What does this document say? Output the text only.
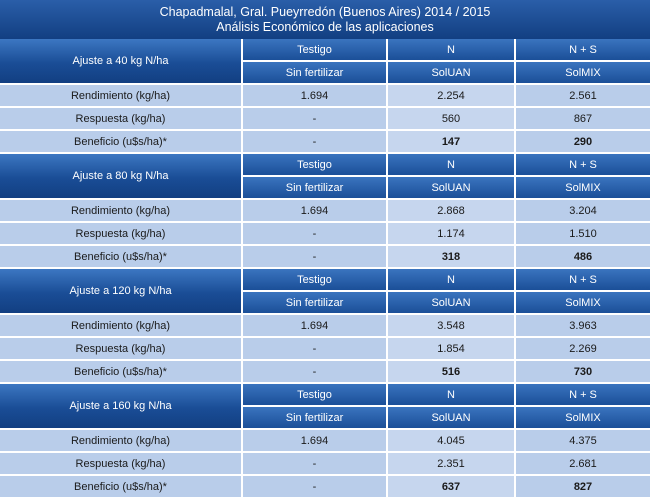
Chapadmalal, Gral. Pueyrredón (Buenos Aires) 2014 / 2015
Análisis Económico de las aplicaciones
Ajuste a 40 kg N/ha	Testigo	N	N + S
	Sin fertilizar	SolUAN	SolMIX
Rendimiento (kg/ha)	1.694	2.254	2.561
Respuesta (kg/ha)	-	560	867
Beneficio (u$s/ha)*	-	147	290
Ajuste a 80 kg N/ha	Testigo	N	N + S
	Sin fertilizar	SolUAN	SolMIX
Rendimiento (kg/ha)	1.694	2.868	3.204
Respuesta (kg/ha)	-	1.174	1.510
Beneficio (u$s/ha)*	-	318	486
Ajuste a 120 kg N/ha	Testigo	N	N + S
	Sin fertilizar	SolUAN	SolMIX
Rendimiento (kg/ha)	1.694	3.548	3.963
Respuesta (kg/ha)	-	1.854	2.269
Beneficio (u$s/ha)*	-	516	730
Ajuste a 160 kg N/ha	Testigo	N	N + S
	Sin fertilizar	SolUAN	SolMIX
Rendimiento (kg/ha)	1.694	4.045	4.375
Respuesta (kg/ha)	-	2.351	2.681
Beneficio (u$s/ha)*	-	637	827
